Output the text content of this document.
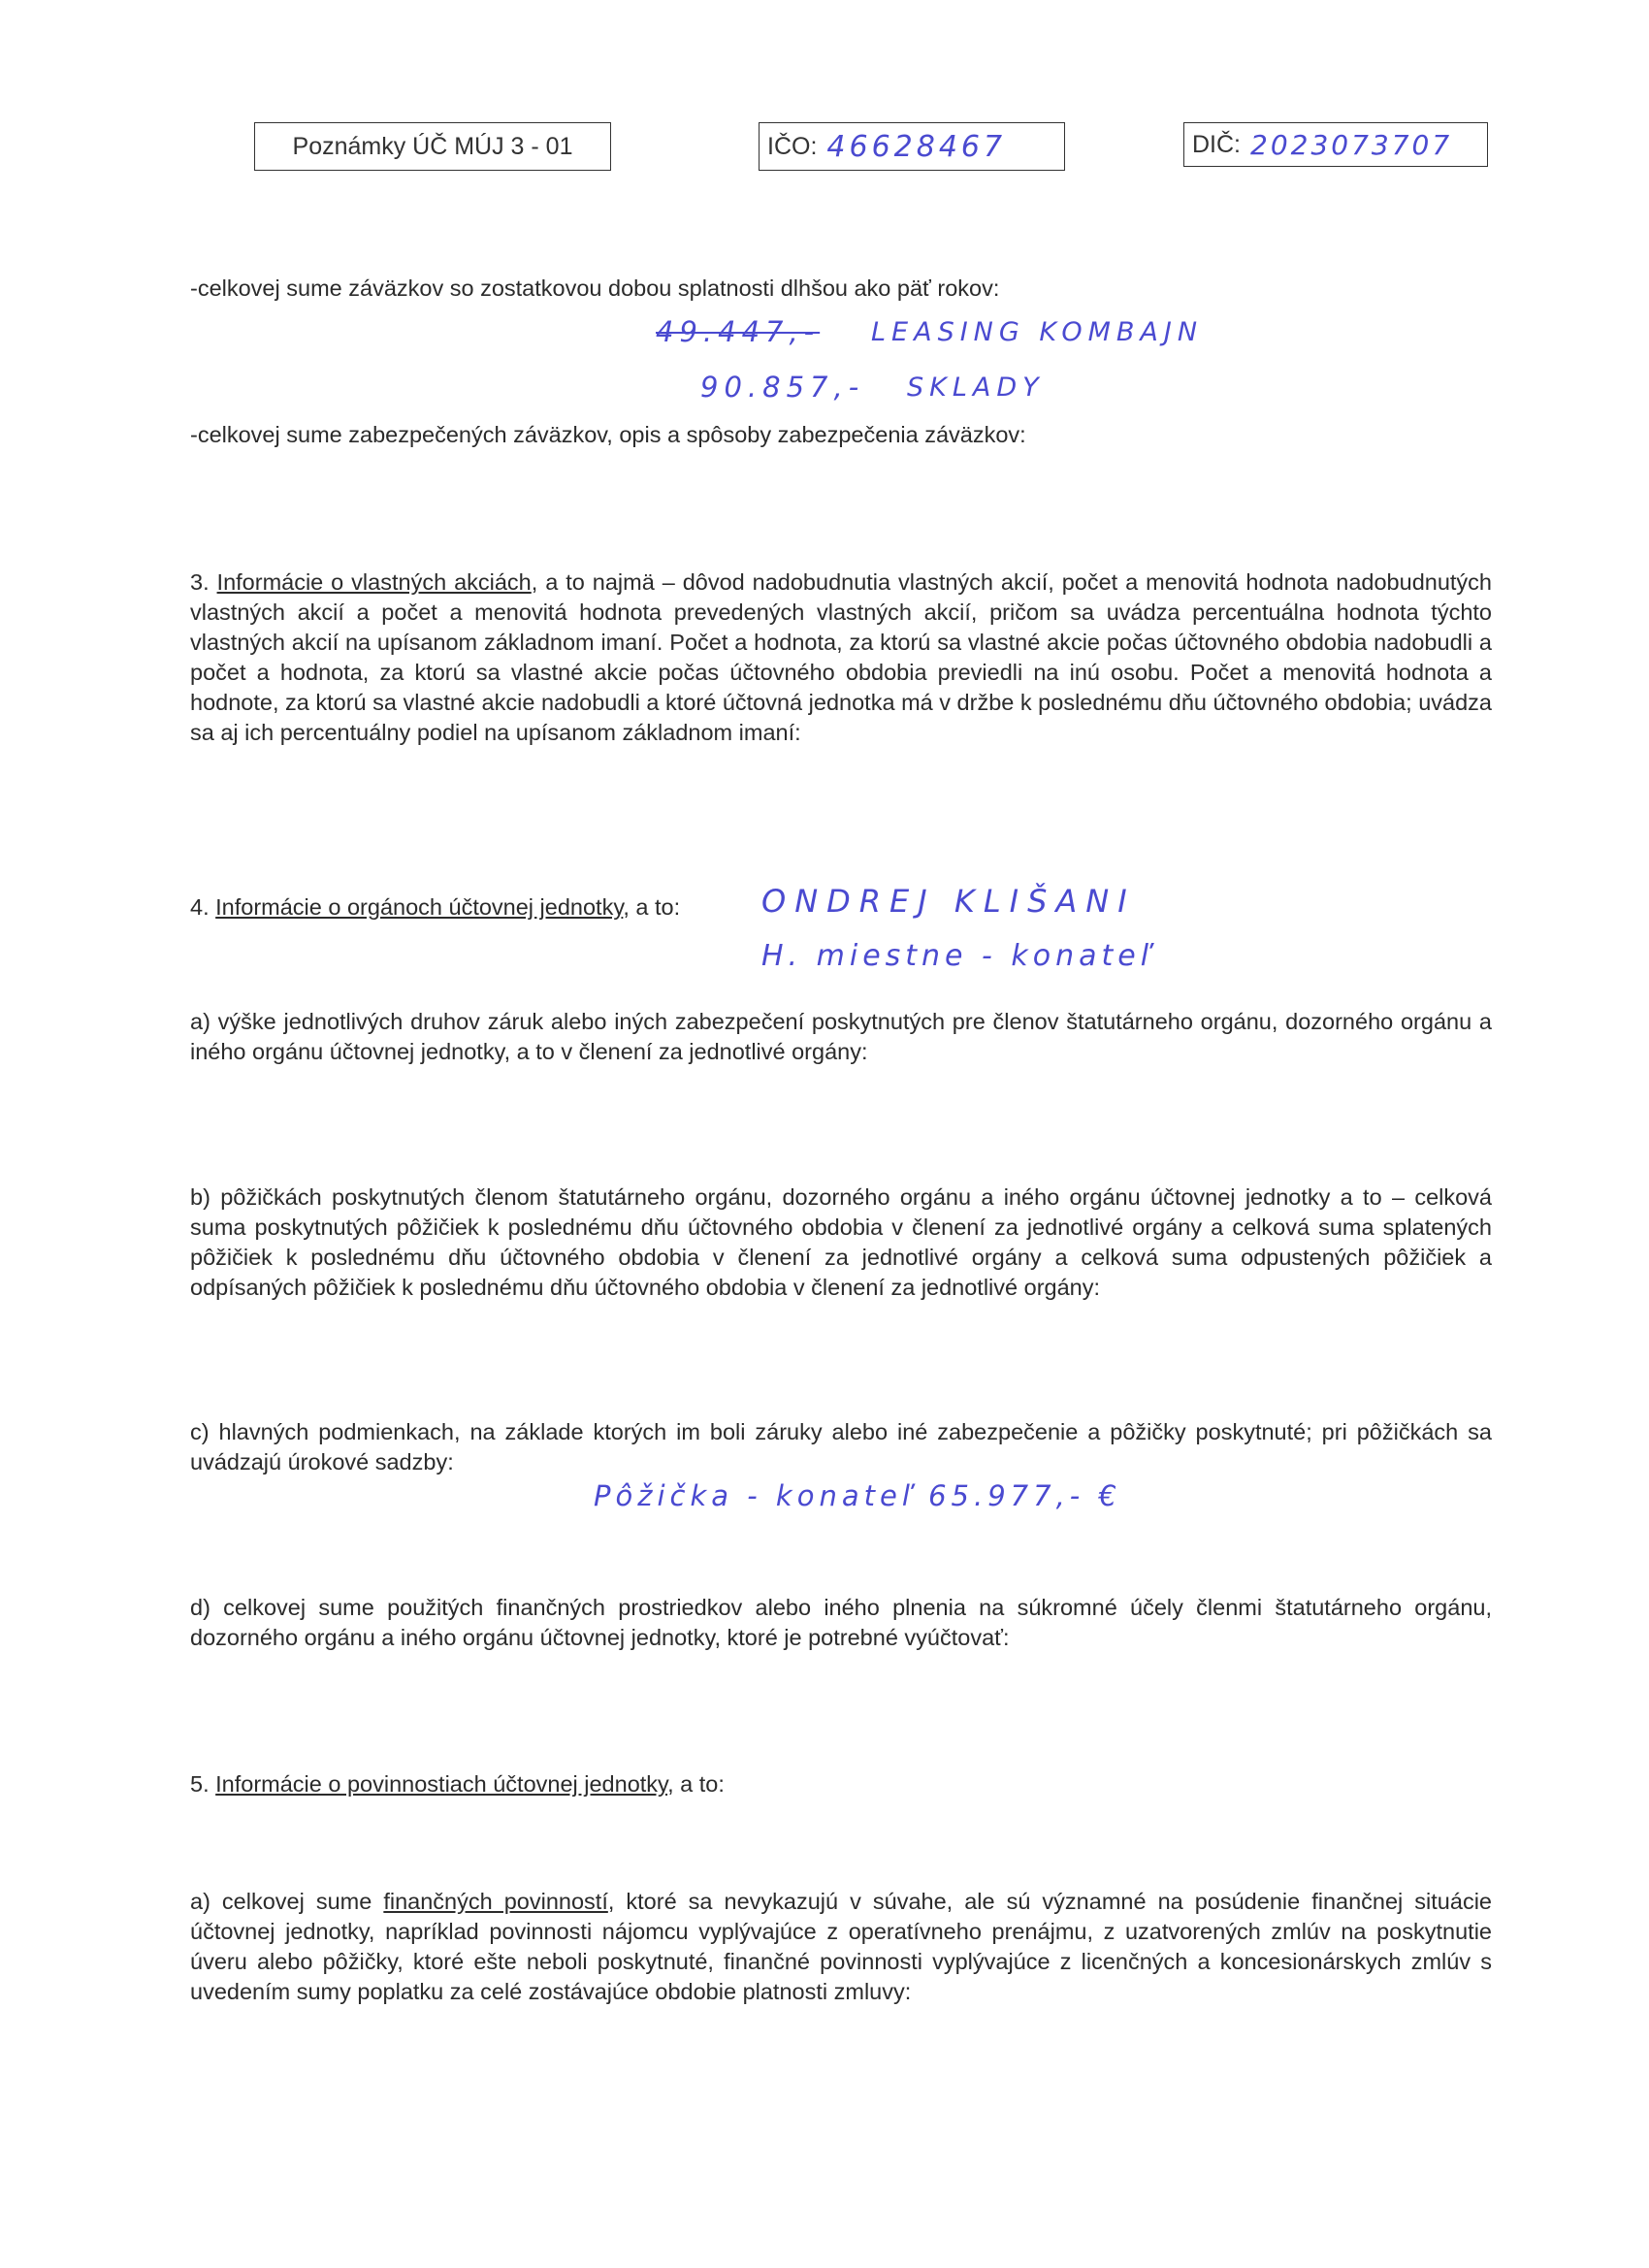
Poznámky ÚČ MÚJ 3 - 01	IČO: 46628467	DIČ: 2023073707
-celkovej sume záväzkov so zostatkovou dobou splatnosti dlhšou ako päť rokov:
49.447,- LEASING KOMBAJN
90.857,- SKLADY
-celkovej sume zabezpečených záväzkov, opis a spôsoby zabezpečenia záväzkov:
3. Informácie o vlastných akciách, a to najmä – dôvod nadobudnutia vlastných akcií, počet a menovitá hodnota nadobudnutých vlastných akcií a počet a menovitá hodnota prevedených vlastných akcií, pričom sa uvádza percentuálna hodnota týchto vlastných akcií na upísanom základnom imaní. Počet a hodnota, za ktorú sa vlastné akcie počas účtovného obdobia nadobudli a počet a hodnota, za ktorú sa vlastné akcie počas účtovného obdobia previedli na inú osobu. Počet a menovitá hodnota a hodnote, za ktorú sa vlastné akcie nadobudli a ktoré účtovná jednotka má v držbe k poslednému dňu účtovného obdobia; uvádza sa aj ich percentuálny podiel na upísanom základnom imaní:
4. Informácie o orgánoch účtovnej jednotky, a to:	ONDREJ KLIŠANI
H. miestne - konateľ
a) výške jednotlivých druhov záruk alebo iných zabezpečení poskytnutých pre členov štatutárneho orgánu, dozorného orgánu a iného orgánu účtovnej jednotky, a to v členení za jednotlivé orgány:
b) pôžičkách poskytnutých členom štatutárneho orgánu, dozorného orgánu a iného orgánu účtovnej jednotky a to – celková suma poskytnutých pôžičiek k poslednému dňu účtovného obdobia v členení za jednotlivé orgány a celková suma splatených pôžičiek k poslednému dňu účtovného obdobia v členení za jednotlivé orgány a celková suma odpustených pôžičiek a odpísaných pôžičiek k poslednému dňu účtovného obdobia v členení za jednotlivé orgány:
c) hlavných podmienkach, na základe ktorých im boli záruky alebo iné zabezpečenie a pôžičky poskytnuté; pri pôžičkách sa uvádzajú úrokové sadzby:
Pôžička - konateľ 65.977,- €
d) celkovej sume použitých finančných prostriedkov alebo iného plnenia na súkromné účely členmi štatutárneho orgánu, dozorného orgánu a iného orgánu účtovnej jednotky, ktoré je potrebné vyúčtovať:
5. Informácie o povinnostiach účtovnej jednotky, a to:
a) celkovej sume finančných povinností, ktoré sa nevykazujú v súvahe, ale sú významné na posúdenie finančnej situácie účtovnej jednotky, napríklad povinnosti nájomcu vyplývajúce z operatívneho prenájmu, z uzatvorených zmlúv na poskytnutie úveru alebo pôžičky, ktoré ešte neboli poskytnuté, finančné povinnosti vyplývajúce z licenčných a koncesionárskych zmlúv s uvedením sumy poplatku za celé zostávajúce obdobie platnosti zmluvy:
